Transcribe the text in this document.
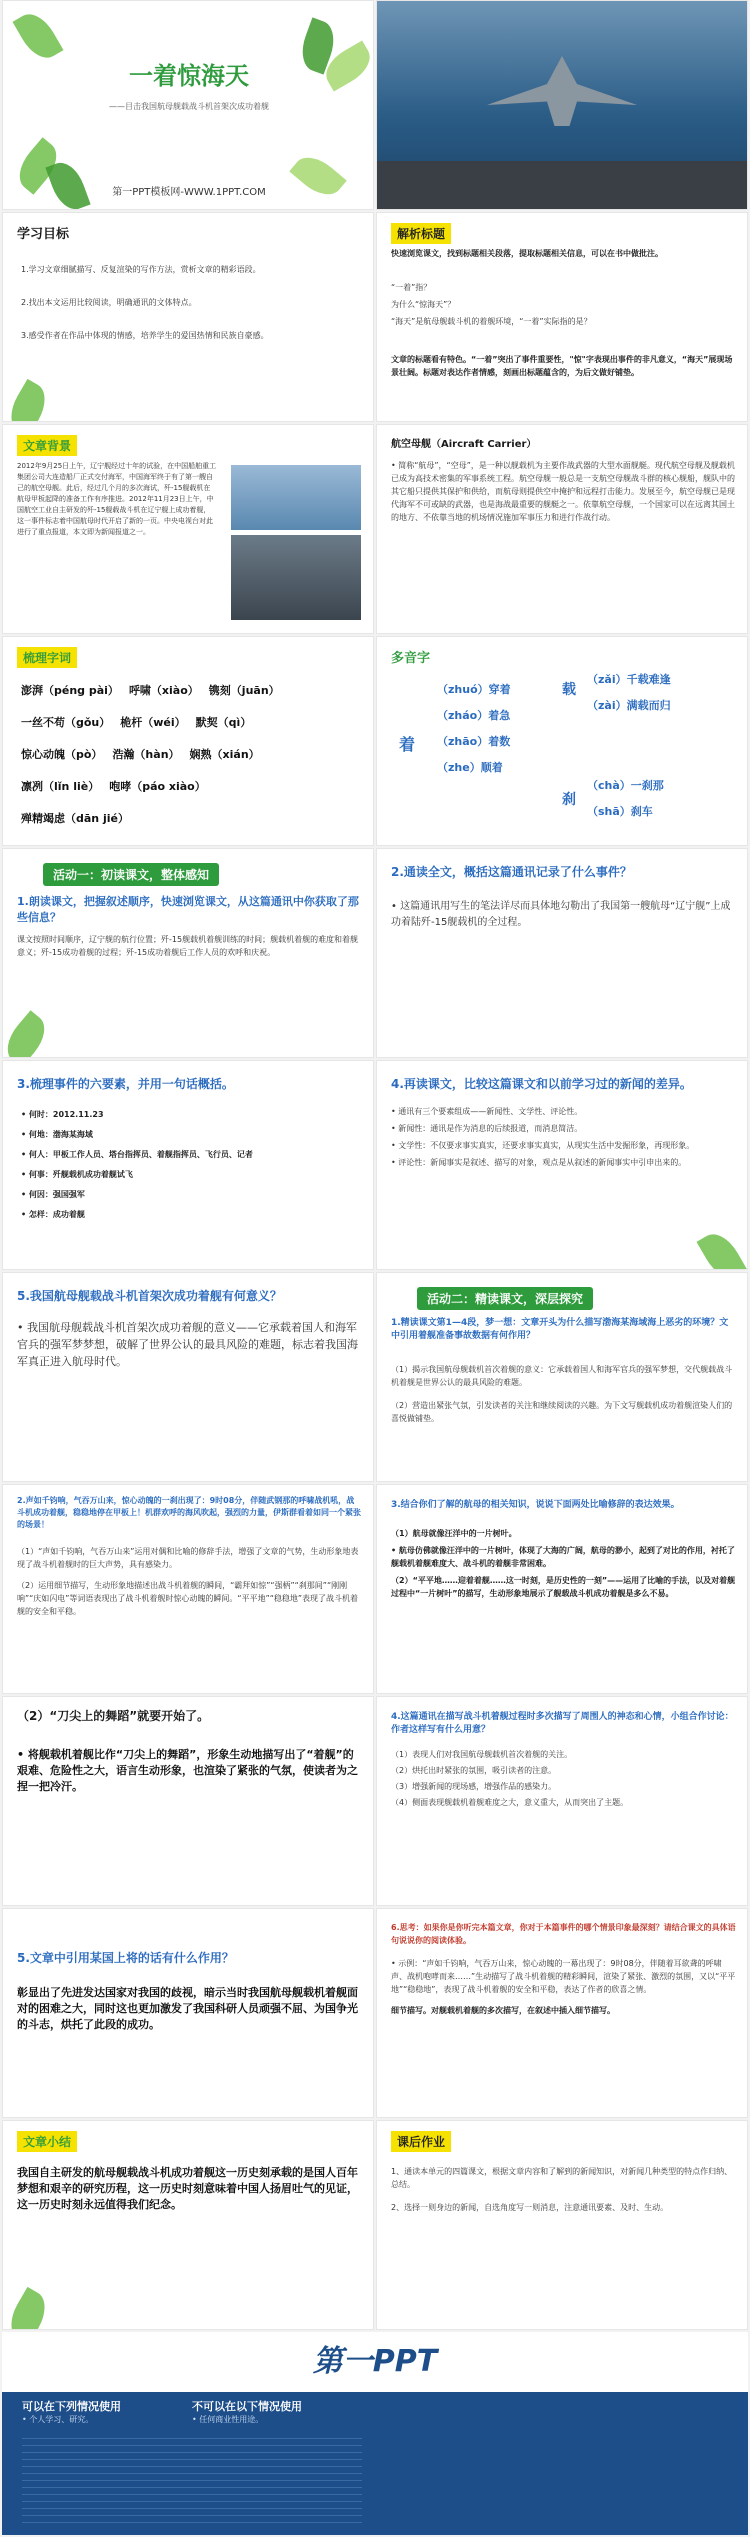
一着惊海天
——目击我国航母舰载战斗机首架次成功着舰
第一PPT模板网-WWW.1PPT.COM
学习目标

1.学习文章细腻描写、反复渲染的写作方法，赏析文章的精彩语段。

2.找出本文运用比较阅读，明确通讯的文体特点。

3.感受作者在作品中体现的情感，培养学生的爱国热情和民族自豪感。

解析标题
快速浏览课文，找到标题相关段落，提取标题相关信息，可以在书中做批注。

“一着”指？

为什么“惊海天”？

“海天”是航母舰载斗机的着舰环境，“一着”实际指的是？

文章的标题看有特色。“一着”突出了事件重要性，"惊"字表现出事件的非凡意义，“海天”展现场景壮阔。标题对表达作者情感，刻画出标题蕴含的，为后文做好铺垫。
文章背景
2012年9月25日上午，辽宁舰经过十年的试验，在中国船舶重工集团公司大连造船厂正式交付海军，中国海军终于有了第一艘自己的航空母舰。此后，经过几个月的多次海试，歼-15舰载机在航母甲板起降的准备工作有序推进。2012年11月23日上午，中国航空工业自主研发的歼-15舰载战斗机在辽宁舰上成功着舰，这一事件标志着中国航母时代开启了新的一页。中央电视台对此进行了重点报道，本文即为新闻报道之一。
航空母舰（Aircraft Carrier）
• 简称“航母”，“空母”，是一种以舰载机为主要作战武器的大型水面舰艇。现代航空母舰及舰载机已成为高技术密集的军事系统工程。航空母舰一般总是一支航空母舰战斗群的核心舰船，舰队中的其它船只提供其保护和供给，而航母则提供空中掩护和远程打击能力。发展至今，航空母舰已是现代海军不可或缺的武器，也是海战最重要的舰艇之一。依靠航空母舰，一个国家可以在远离其国土的地方、不依靠当地的机场情况施加军事压力和进行作战行动。
梳理字词
澎湃（péng pài） 呼啸（xiào） 镌刻（juān）
一丝不苟（gǒu） 桅杆（wéi） 默契（qì）
惊心动魄（pò） 浩瀚（hàn） 娴熟（xián）
凛冽（lǐn liè） 咆哮（páo xiào）
殚精竭虑（dān jié）
多音字
着
（zhuó）穿着
（zháo）着急
（zhāo）着数
（zhe）顺着
载
（zǎi）千载难逢
（zài）满载而归
刹
（chà）一刹那
（shā）刹车
活动一：初读课文，整体感知
1.朗读课文，把握叙述顺序，快速浏览课文，从这篇通讯中你获取了那些信息？
课文按照时间顺序，辽宁舰的航行位置；歼-15舰载机着舰训练的时间；舰载机着舰的难度和着舰意义；歼-15成功着舰的过程；歼-15成功着舰后工作人员的欢呼和庆祝。
2.通读全文，概括这篇通讯记录了什么事件？
• 这篇通讯用写生的笔法详尽而具体地勾勒出了我国第一艘航母“辽宁舰”上成功着陆歼-15舰载机的全过程。
3.梳理事件的六要素，并用一句话概括。
• 何时：2012.11.23
• 何地：渤海某海域
• 何人：甲板工作人员、塔台指挥员、着舰指挥员、飞行员、记者
• 何事：歼舰载机成功着舰试飞
• 何因：强国强军
• 怎样：成功着舰
4.再读课文，比较这篇课文和以前学习过的新闻的差异。

• 通讯有三个要素组成——新闻性、文学性、评论性。

• 新闻性：通讯是作为消息的后续报道，而消息简洁。

• 文学性：不仅要求事实真实，还要求事实真实，从现实生活中发掘形象，再现形象。

• 评论性：新闻事实是叙述、描写的对象，观点是从叙述的新闻事实中引申出来的。

5.我国航母舰载战斗机首架次成功着舰有何意义？
• 我国航母舰载战斗机首架次成功着舰的意义——它承载着国人和海军官兵的强军梦梦想，破解了世界公认的最具风险的难题，标志着我国海军真正进入航母时代。
活动二：精读课文，深层探究
1.精读课文第1—4段，梦一想：文章开头为什么描写渤海某海域海上恶劣的环境？文中引用着舰准备事故数据有何作用？

（1）揭示我国航母舰载机首次着舰的意义：它承载着国人和海军官兵的强军梦想，交代舰载战斗机着舰是世界公认的最具风险的难题。

（2）营造出紧张气氛，引发读者的关注和继续阅读的兴趣。为下文写舰载机成功着舰渲染人们的喜悦做铺垫。

2.声如千钧响，气吞万山来，惊心动魄的一刹出现了：9时08分，伴随武钢那的呼啸战机吼，战斗机成功着舰，稳稳地停在甲板上！机群欢呼的海风吹起，强烈的力量，伊斯群看着如同一个紧张的场景！

（1）“声如千钧响，气吞万山来”运用对偶和比喻的修辞手法，增强了文章的气势，生动形象地表现了战斗机着舰时的巨大声势，具有感染力。

（2）运用细节描写，生动形象地描述出战斗机着舰的瞬间，“霸拜如惊”“强柄”“刹那间”“刚刚响”“庆如闪电”等词语表现出了战斗机着舰时惊心动魄的瞬间。“平平地”“稳稳地”表现了战斗机着舰的安全和平稳。

3.结合你们了解的航母的相关知识，说说下面两处比喻修辞的表达效果。

（1）航母就像汪洋中的一片树叶。

• 航母仿佛就像汪洋中的一片树叶，体现了大海的广阔，航母的渺小，起到了对比的作用，衬托了舰载机着舰难度大、战斗机的着舰非常困难。

（2）“平平地……迎着着舰……这一时刻，是历史性的一刻”——运用了比喻的手法，以及对着舰过程中“一片树叶”的描写，生动形象地展示了舰载战斗机成功着舰是多么不易。

（2）“刀尖上的舞蹈”就要开始了。
• 将舰载机着舰比作“刀尖上的舞蹈”，形象生动地描写出了“着舰”的艰难、危险性之大，语言生动形象，也渲染了紧张的气氛，使读者为之捏一把冷汗。
4.这篇通讯在描写战斗机着舰过程时多次描写了周围人的神态和心情，小组合作讨论：作者这样写有什么用意？
（1）表现人们对我国航母舰载机首次着舰的关注。
（2）烘托出时紧张的氛围，吸引读者的注意。
（3）增强新闻的现场感，增强作品的感染力。
（4）侧面表现舰载机着舰难度之大，意义重大，从而突出了主题。
5.文章中引用某国上将的话有什么作用？
彰显出了先进发达国家对我国的歧视，暗示当时我国航母舰载机着舰面对的困难之大，同时这也更加激发了我国科研人员顽强不屈、为国争光的斗志，烘托了此段的成功。
6.思考：如果你是你听完本篇文章，你对于本篇事件的哪个情景印象最深刻？请结合课文的具体语句说说你的阅读体验。

• 示例：“声如千钧响，气吞万山来，惊心动魄的一幕出现了：9时08分，伴随着耳欲聋的呼啸声、战机咆哮而来……”生动描写了战斗机着舰的精彩瞬间，渲染了紧张、激烈的氛围，又以“平平地”“稳稳地”，表现了战斗机着舰的安全和平稳，表达了作者的欣喜之情。

细节描写。对舰载机着舰的多次描写，在叙述中插入细节描写。

文章小结
我国自主研发的航母舰载战斗机成功着舰这一历史刻承载的是国人百年梦想和艰辛的研究历程，这一历史时刻意味着中国人扬眉吐气的见证，这一历史时刻永远值得我们纪念。
课后作业

1、通读本单元的四篇课文，根据文章内容和了解到的新闻知识，对新闻几种类型的特点作归纳、总结。

2、选择一则身边的新闻，自选角度写一则消息，注意通讯要素、及时、生动。

第一PPT
可以在下列情况使用
• 个人学习、研究。
不可以在以下情况使用
• 任何商业性用途。
